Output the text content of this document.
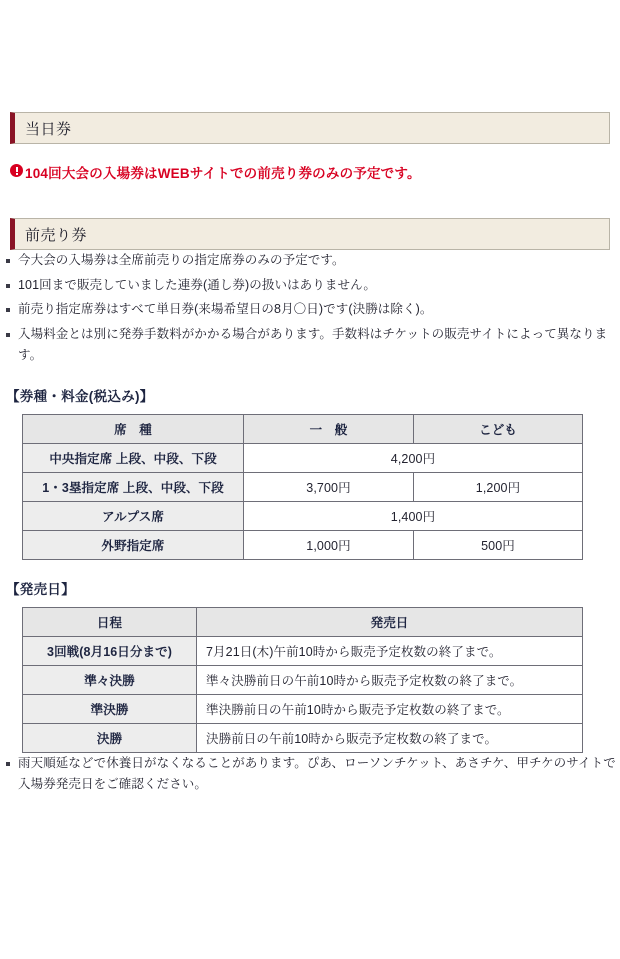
当日券
104回大会の入場券はWEBサイトでの前売り券のみの予定です。
前売り券
今大会の入場券は全席前売りの指定席券のみの予定です。
101回まで販売していました連券(通し券)の扱いはありません。
前売り指定席券はすべて単日券(来場希望日の8月〇日)です(決勝は除く)。
入場料金とは別に発券手数料がかかる場合があります。手数料はチケットの販売サイトによって異なります。
【券種・料金(税込み)】
席　種	一　般	こども
中央指定席 上段、中段、下段	4,200円	
1・3塁指定席 上段、中段、下段	3,700円	1,200円
アルプス席	1,400円	
外野指定席	1,000円	500円
【発売日】
日程	発売日
3回戦(8月16日分まで)	7月21日(木)午前10時から販売予定枚数の終了まで。
準々決勝	準々決勝前日の午前10時から販売予定枚数の終了まで。
準決勝	準決勝前日の午前10時から販売予定枚数の終了まで。
決勝	決勝前日の午前10時から販売予定枚数の終了まで。
雨天順延などで休養日がなくなることがあります。ぴあ、ローソンチケット、あさチケ、甲チケのサイトで入場券発売日をご確認ください。
